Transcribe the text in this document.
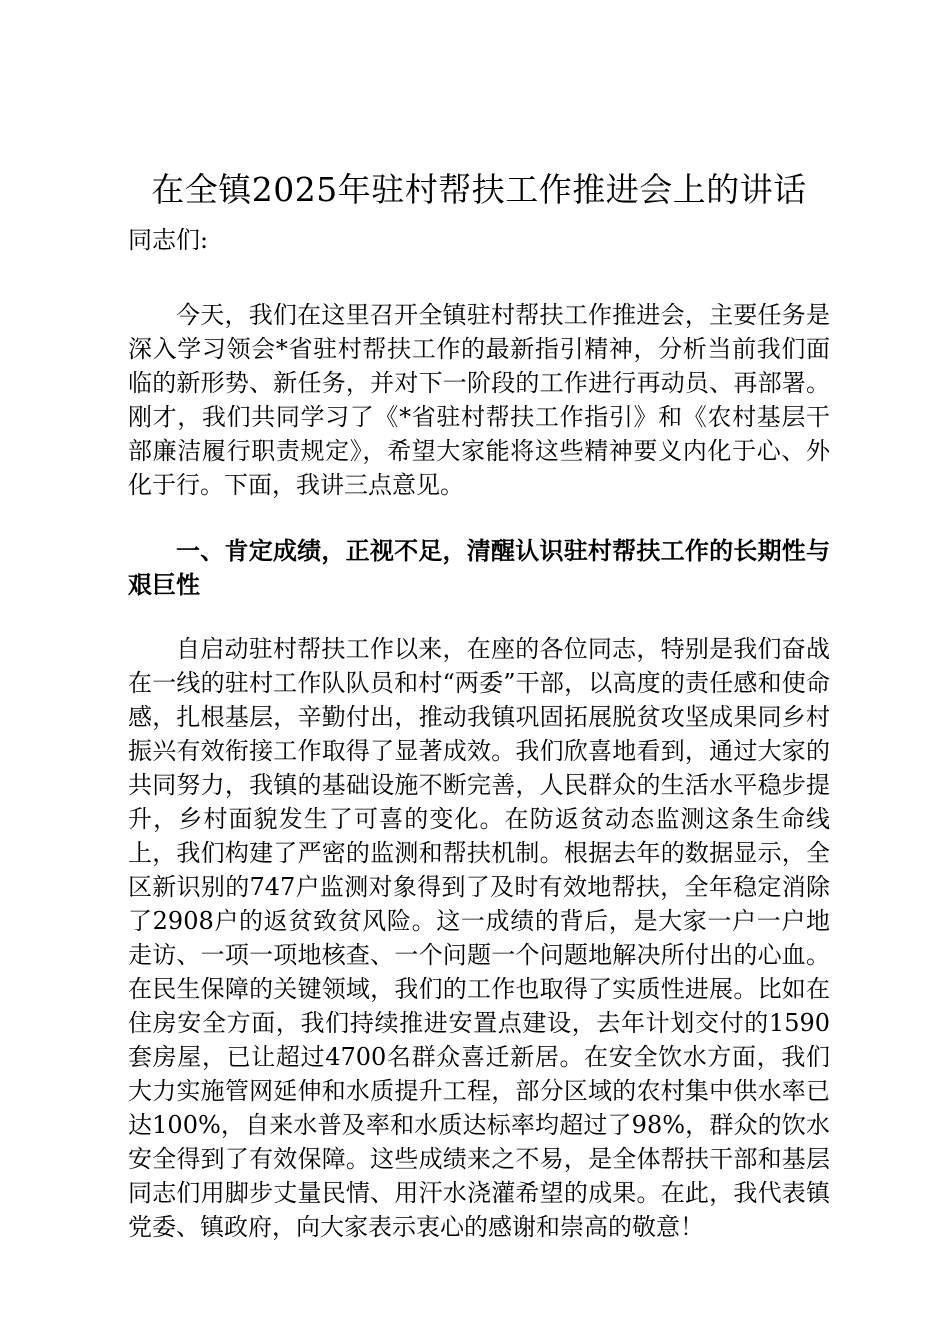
在全镇2025年驻村帮扶工作推进会上的讲话

同志们:

今天，我们在这里召开全镇驻村帮扶工作推进会，主要任务是深入学习领会*省驻村帮扶工作的最新指引精神，分析当前我们面临的新形势、新任务，并对下一阶段的工作进行再动员、再部署。刚才，我们共同学习了《*省驻村帮扶工作指引》和《农村基层干部廉洁履行职责规定》，希望大家能将这些精神要义内化于心、外化于行。下面，我讲三点意见。

一、肯定成绩，正视不足，清醒认识驻村帮扶工作的长期性与艰巨性

自启动驻村帮扶工作以来，在座的各位同志，特别是我们奋战在一线的驻村工作队队员和村“两委”干部，以高度的责任感和使命感，扎根基层，辛勤付出，推动我镇巩固拓展脱贫攻坚成果同乡村振兴有效衔接工作取得了显著成效。我们欣喜地看到，通过大家的共同努力，我镇的基础设施不断完善，人民群众的生活水平稳步提升，乡村面貌发生了可喜的变化。在防返贫动态监测这条生命线上，我们构建了严密的监测和帮扶机制。根据去年的数据显示，全区新识别的747户监测对象得到了及时有效地帮扶，全年稳定消除了2908户的返贫致贫风险。这一成绩的背后，是大家一户一户地走访、一项一项地核查、一个问题一个问题地解决所付出的心血。在民生保障的关键领域，我们的工作也取得了实质性进展。比如在住房安全方面，我们持续推进安置点建设，去年计划交付的1590套房屋，已让超过4700名群众喜迁新居。在安全饮水方面，我们大力实施管网延伸和水质提升工程，部分区域的农村集中供水率已达100%，自来水普及率和水质达标率均超过了98%，群众的饮水安全得到了有效保障。这些成绩来之不易，是全体帮扶干部和基层同志们用脚步丈量民情、用汗水浇灌希望的成果。在此，我代表镇党委、镇政府，向大家表示衷心的感谢和崇高的敬意！
